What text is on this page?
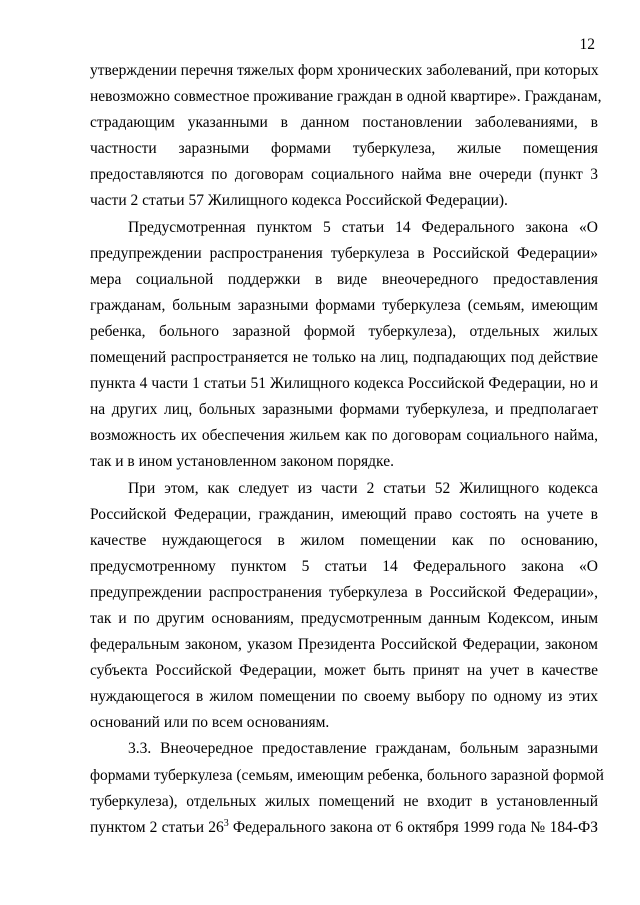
12
утверждении перечня тяжелых форм хронических заболеваний, при которых
невозможно совместное проживание граждан в одной квартире». Гражданам,
страдающим указанными в данном постановлении заболеваниями, в
частности заразными формами туберкулеза, жилые помещения
предоставляются по договорам социального найма вне очереди (пункт 3
части 2 статьи 57 Жилищного кодекса Российской Федерации).
Предусмотренная пунктом 5 статьи 14 Федерального закона «О
предупреждении распространения туберкулеза в Российской Федерации»
мера социальной поддержки в виде внеочередного предоставления
гражданам, больным заразными формами туберкулеза (семьям, имеющим
ребенка, больного заразной формой туберкулеза), отдельных жилых
помещений распространяется не только на лиц, подпадающих под действие
пункта 4 части 1 статьи 51 Жилищного кодекса Российской Федерации, но и
на других лиц, больных заразными формами туберкулеза, и предполагает
возможность их обеспечения жильем как по договорам социального найма,
так и в ином установленном законом порядке.
При этом, как следует из части 2 статьи 52 Жилищного кодекса
Российской Федерации, гражданин, имеющий право состоять на учете в
качестве нуждающегося в жилом помещении как по основанию,
предусмотренному пунктом 5 статьи 14 Федерального закона «О
предупреждении распространения туберкулеза в Российской Федерации»,
так и по другим основаниям, предусмотренным данным Кодексом, иным
федеральным законом, указом Президента Российской Федерации, законом
субъекта Российской Федерации, может быть принят на учет в качестве
нуждающегося в жилом помещении по своему выбору по одному из этих
оснований или по всем основаниям.
3.3. Внеочередное предоставление гражданам, больным заразными
формами туберкулеза (семьям, имеющим ребенка, больного заразной формой
туберкулеза), отдельных жилых помещений не входит в установленный
пунктом 2 статьи $26^3$ Федерального закона от 6 октября 1999 года № 184-ФЗ
